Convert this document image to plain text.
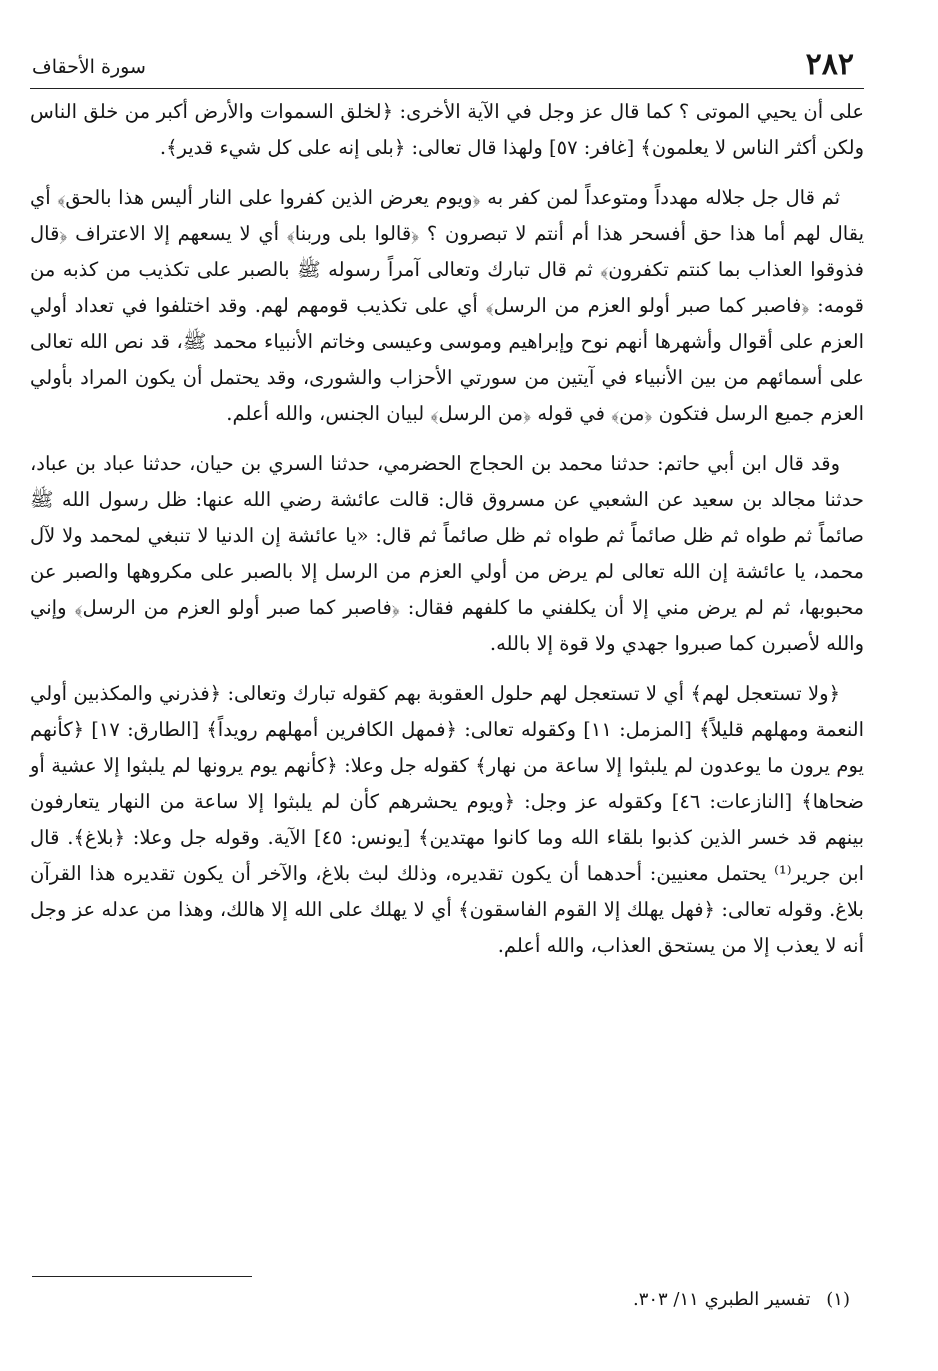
٢٨٢
سورة الأحقاف

على أن يحيي الموتى ؟ كما قال عز وجل في الآية الأخرى: ﴿لخلق السموات والأرض أكبر من خلق الناس ولكن أكثر الناس لا يعلمون﴾ [غافر: ٥٧] ولهذا قال تعالى: ﴿بلى إنه على كل شيء قدير﴾.

ثم قال جل جلاله مهدداً ومتوعداً لمن كفر به ﴿ويوم يعرض الذين كفروا على النار أليس هذا بالحق﴾ أي يقال لهم أما هذا حق أفسحر هذا أم أنتم لا تبصرون ؟ ﴿قالوا بلى وربنا﴾ أي لا يسعهم إلا الاعتراف ﴿قال فذوقوا العذاب بما كنتم تكفرون﴾ ثم قال تبارك وتعالى آمراً رسوله ﷺ بالصبر على تكذيب من كذبه من قومه: ﴿فاصبر كما صبر أولو العزم من الرسل﴾ أي على تكذيب قومهم لهم. وقد اختلفوا في تعداد أولي العزم على أقوال وأشهرها أنهم نوح وإبراهيم وموسى وعيسى وخاتم الأنبياء محمد ﷺ، قد نص الله تعالى على أسمائهم من بين الأنبياء في آيتين من سورتي الأحزاب والشورى، وقد يحتمل أن يكون المراد بأولي العزم جميع الرسل فتكون ﴿من﴾ في قوله ﴿من الرسل﴾ لبيان الجنس، والله أعلم.

وقد قال ابن أبي حاتم: حدثنا محمد بن الحجاج الحضرمي، حدثنا السري بن حيان، حدثنا عباد بن عباد، حدثنا مجالد بن سعيد عن الشعبي عن مسروق قال: قالت عائشة رضي الله عنها: ظل رسول الله ﷺ صائماً ثم طواه ثم ظل صائماً ثم طواه ثم ظل صائماً ثم قال: «يا عائشة إن الدنيا لا تنبغي لمحمد ولا لآل محمد، يا عائشة إن الله تعالى لم يرض من أولي العزم من الرسل إلا بالصبر على مكروهها والصبر عن محبوبها، ثم لم يرض مني إلا أن يكلفني ما كلفهم فقال: ﴿فاصبر كما صبر أولو العزم من الرسل﴾ وإني والله لأصبرن كما صبروا جهدي ولا قوة إلا بالله.

﴿ولا تستعجل لهم﴾ أي لا تستعجل لهم حلول العقوبة بهم كقوله تبارك وتعالى: ﴿فذرني والمكذبين أولي النعمة ومهلهم قليلاً﴾ [المزمل: ١١] وكقوله تعالى: ﴿فمهل الكافرين أمهلهم رويداً﴾ [الطارق: ١٧] ﴿كأنهم يوم يرون ما يوعدون لم يلبثوا إلا ساعة من نهار﴾ كقوله جل وعلا: ﴿كأنهم يوم يرونها لم يلبثوا إلا عشية أو ضحاها﴾ [النازعات: ٤٦] وكقوله عز وجل: ﴿ويوم يحشرهم كأن لم يلبثوا إلا ساعة من النهار يتعارفون بينهم قد خسر الذين كذبوا بلقاء الله وما كانوا مهتدين﴾ [يونس: ٤٥] الآية. وقوله جل وعلا: ﴿بلاغ﴾. قال ابن جرير⁽¹⁾ يحتمل معنيين: أحدهما أن يكون تقديره، وذلك لبث بلاغ، والآخر أن يكون تقديره هذا القرآن بلاغ. وقوله تعالى: ﴿فهل يهلك إلا القوم الفاسقون﴾ أي لا يهلك على الله إلا هالك، وهذا من عدله عز وجل أنه لا يعذب إلا من يستحق العذاب، والله أعلم.

(١) تفسير الطبري ١١/ ٣٠٣.
